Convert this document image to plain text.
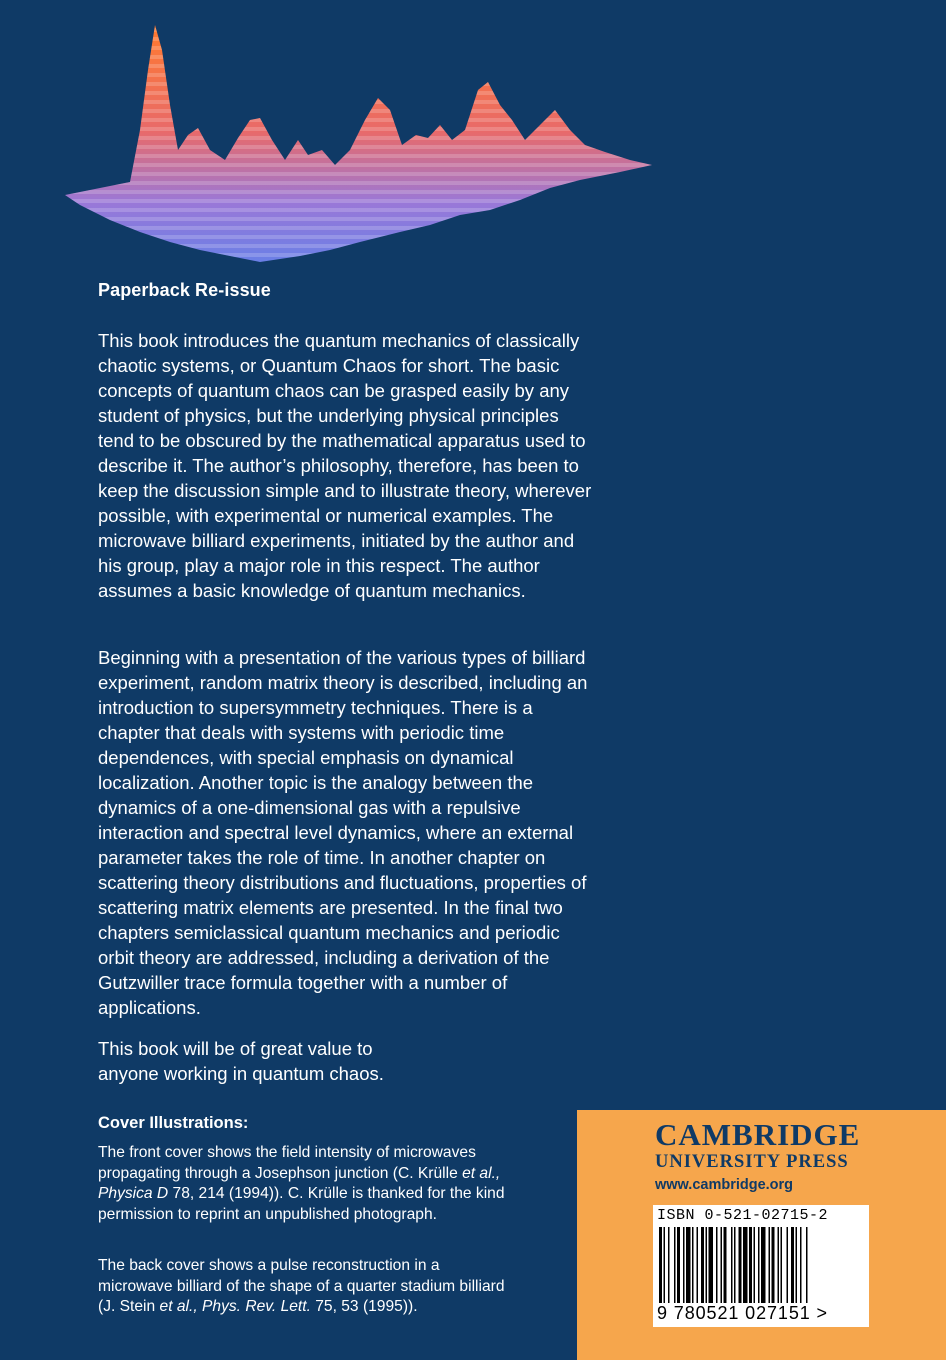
Paperback Re-issue

This book introduces the quantum mechanics of classically chaotic systems, or Quantum Chaos for short. The basic concepts of quantum chaos can be grasped easily by any student of physics, but the underlying physical principles tend to be obscured by the mathematical apparatus used to describe it. The author’s philosophy, therefore, has been to keep the discussion simple and to illustrate theory, wherever possible, with experimental or numerical examples. The microwave billiard experiments, initiated by the author and his group, play a major role in this respect. The author assumes a basic knowledge of quantum mechanics.

Beginning with a presentation of the various types of billiard experiment, random matrix theory is described, including an introduction to supersymmetry techniques. There is a chapter that deals with systems with periodic time dependences, with special emphasis on dynamical localization. Another topic is the analogy between the dynamics of a one-dimensional gas with a repulsive interaction and spectral level dynamics, where an external parameter takes the role of time. In another chapter on scattering theory distributions and fluctuations, properties of scattering matrix elements are presented. In the final two chapters semiclassical quantum mechanics and periodic orbit theory are addressed, including a derivation of the Gutzwiller trace formula together with a number of applications.

This book will be of great value to
anyone working in quantum chaos.

Cover Illustrations:

The front cover shows the field intensity of microwaves propagating through a Josephson junction (C. Krülle et al., Physica D 78, 214 (1994)). C. Krülle is thanked for the kind permission to reprint an unpublished photograph.

The back cover shows a pulse reconstruction in a microwave billiard of the shape of a quarter stadium billiard (J. Stein et al., Phys. Rev. Lett. 75, 53 (1995)).

CAMBRIDGE
UNIVERSITY PRESS
www.cambridge.org
ISBN 0-521-02715-2
9 780521 027151 >
